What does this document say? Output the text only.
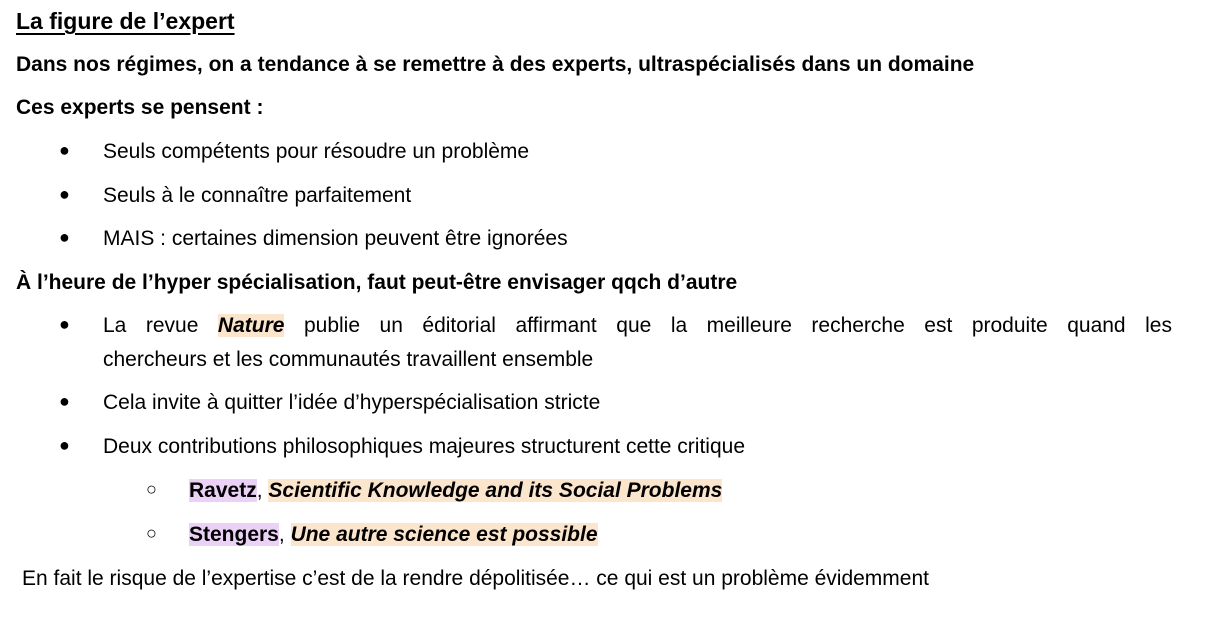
La figure de l’expert
Dans nos régimes, on a tendance à se remettre à des experts, ultraspécialisés dans un domaine
Ces experts se pensent :
● Seuls compétents pour résoudre un problème
● Seuls à le connaître parfaitement
● MAIS : certaines dimension peuvent être ignorées
À l’heure de l’hyper spécialisation, faut peut-être envisager qqch d’autre
● La revue Nature publie un éditorial affirmant que la meilleure recherche est produite quand les
chercheurs et les communautés travaillent ensemble
● Cela invite à quitter l’idée d’hyperspécialisation stricte
● Deux contributions philosophiques majeures structurent cette critique
○ Ravetz, Scientific Knowledge and its Social Problems
○ Stengers, Une autre science est possible
En fait le risque de l’expertise c’est de la rendre dépolitisée… ce qui est un problème évidemment
